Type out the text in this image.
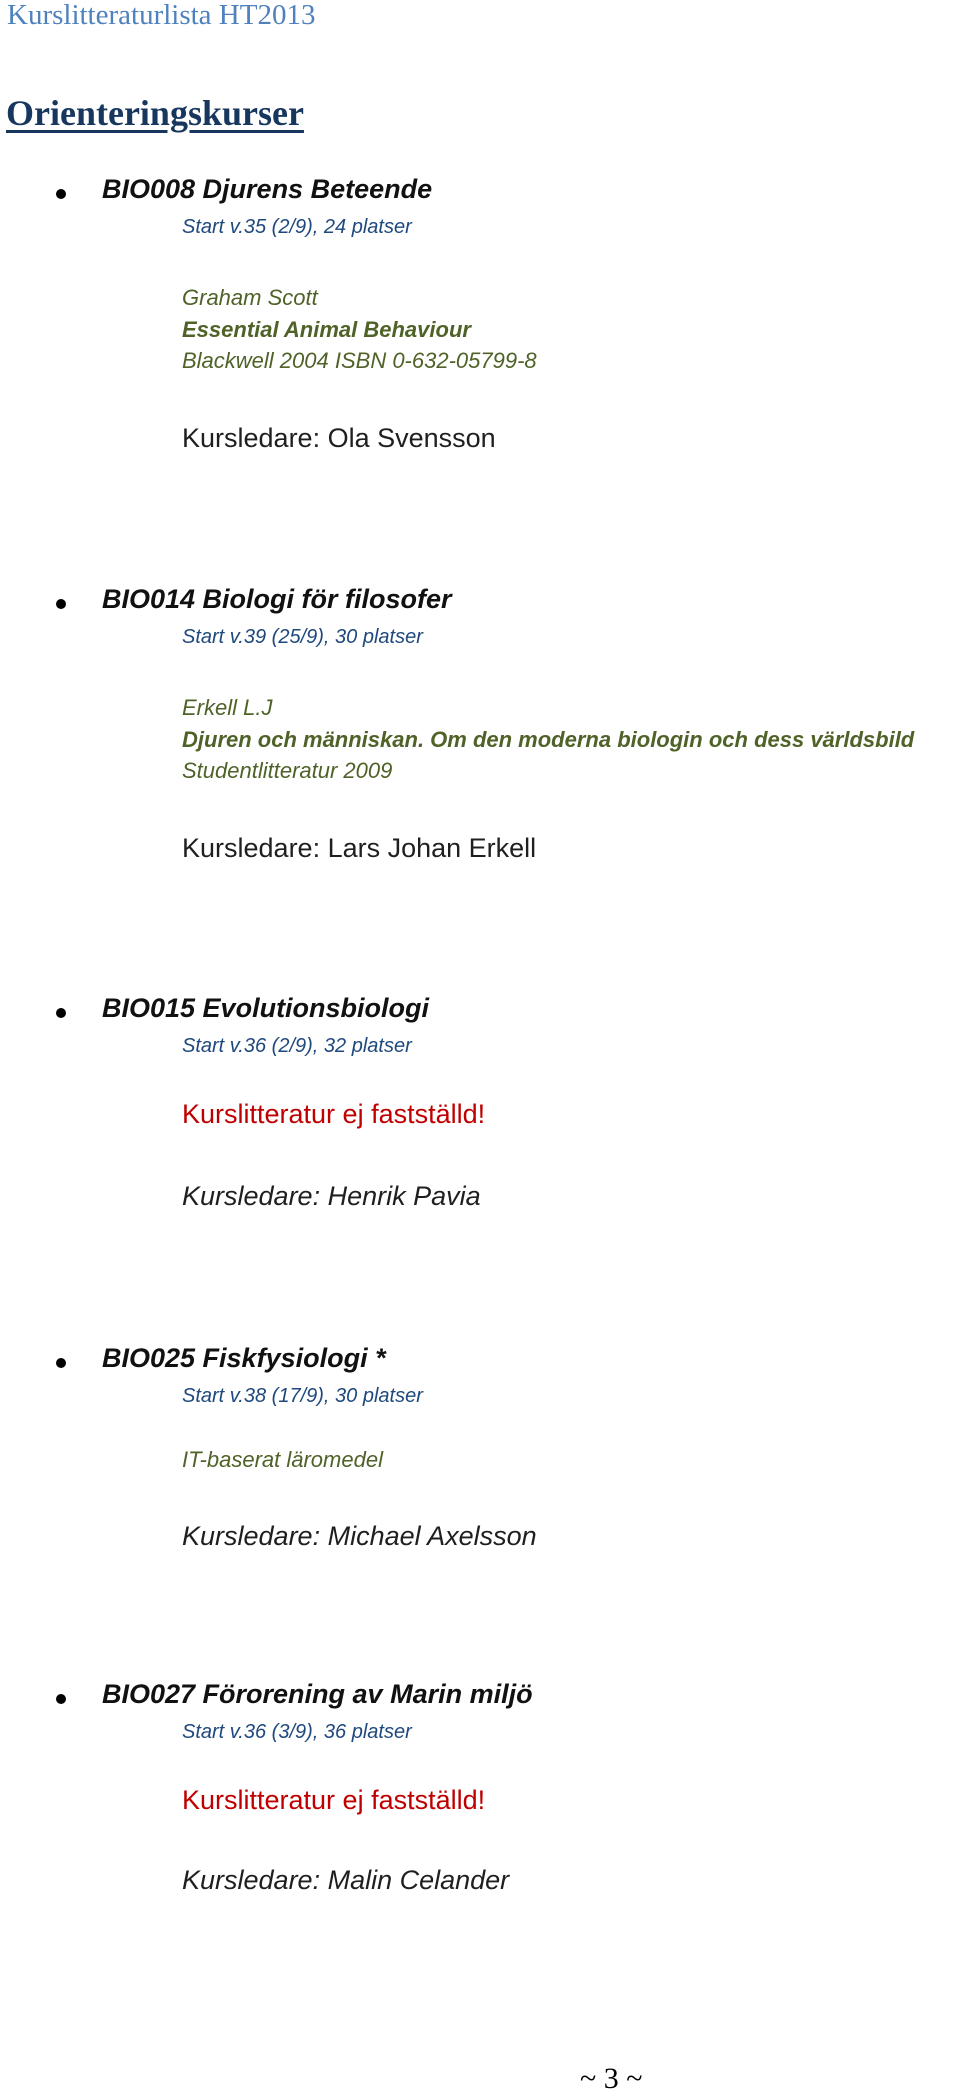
Kurslitteraturlista HT2013
Orienteringskurser
BIO008 Djurens Beteende
Start v.35 (2/9), 24 platser
Graham Scott
Essential Animal Behaviour
Blackwell 2004 ISBN 0-632-05799-8
Kursledare: Ola Svensson
BIO014 Biologi för filosofer
Start v.39 (25/9), 30 platser
Erkell L.J
Djuren och människan. Om den moderna biologin och dess världsbild
Studentlitteratur 2009
Kursledare: Lars Johan Erkell
BIO015 Evolutionsbiologi
Start v.36 (2/9), 32 platser
Kurslitteratur ej fastställd!
Kursledare: Henrik Pavia
BIO025 Fiskfysiologi *
Start v.38 (17/9), 30 platser
IT-baserat läromedel
Kursledare: Michael Axelsson
BIO027 Förorening av Marin miljö
Start v.36 (3/9), 36 platser
Kurslitteratur ej fastställd!
Kursledare: Malin Celander
~ 3 ~
